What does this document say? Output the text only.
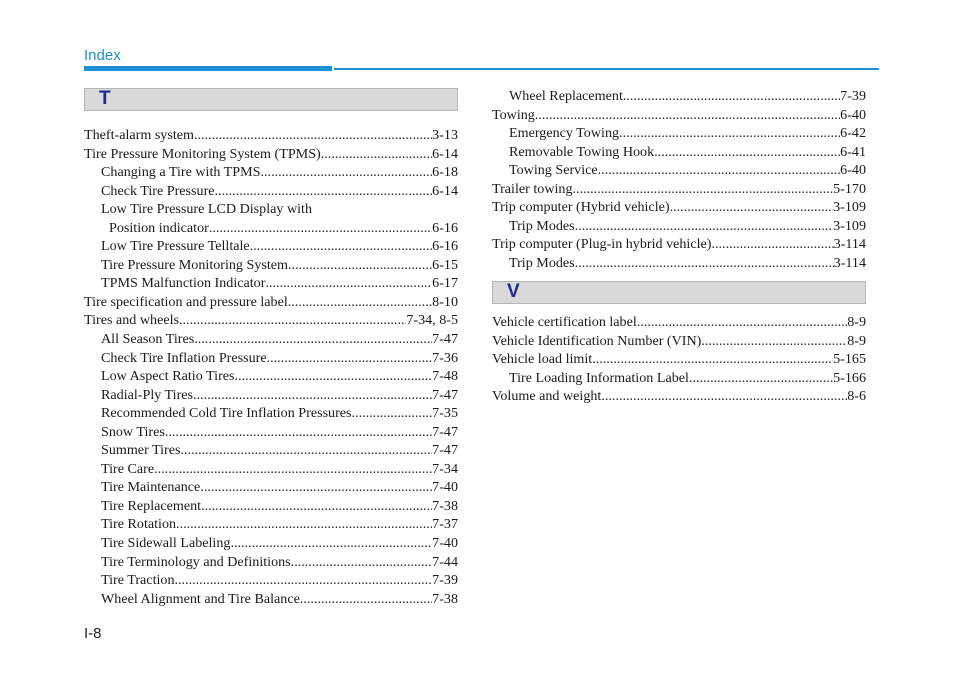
Index
T
Theft-alarm system .....	3-13
Tire Pressure Monitoring System (TPMS) .....	6-14
Changing a Tire with TPMS .....	6-18
Check Tire Pressure .....	6-14
Low Tire Pressure LCD Display with
Position indicator .....	6-16
Low Tire Pressure Telltale .....	6-16
Tire Pressure Monitoring System .....	6-15
TPMS Malfunction Indicator .....	6-17
Tire specification and pressure label .....	8-10
Tires and wheels .....	7-34, 8-5
All Season Tires .....	7-47
Check Tire Inflation Pressure .....	7-36
Low Aspect Ratio Tires .....	7-48
Radial-Ply Tires .....	7-47
Recommended Cold Tire Inflation Pressures .....	7-35
Snow Tires .....	7-47
Summer Tires .....	7-47
Tire Care .....	7-34
Tire Maintenance .....	7-40
Tire Replacement .....	7-38
Tire Rotation .....	7-37
Tire Sidewall Labeling .....	7-40
Tire Terminology and Definitions .....	7-44
Tire Traction .....	7-39
Wheel Alignment and Tire Balance .....	7-38
Wheel Replacement .....	7-39
Towing .....	6-40
Emergency Towing .....	6-42
Removable Towing Hook .....	6-41
Towing Service .....	6-40
Trailer towing .....	5-170
Trip computer (Hybrid vehicle) .....	3-109
Trip Modes .....	3-109
Trip computer (Plug-in hybrid vehicle) .....	3-114
Trip Modes .....	3-114
V
Vehicle certification label .....	8-9
Vehicle Identification Number (VIN) .....	8-9
Vehicle load limit .....	5-165
Tire Loading Information Label .....	5-166
Volume and weight .....	8-6
I-8
